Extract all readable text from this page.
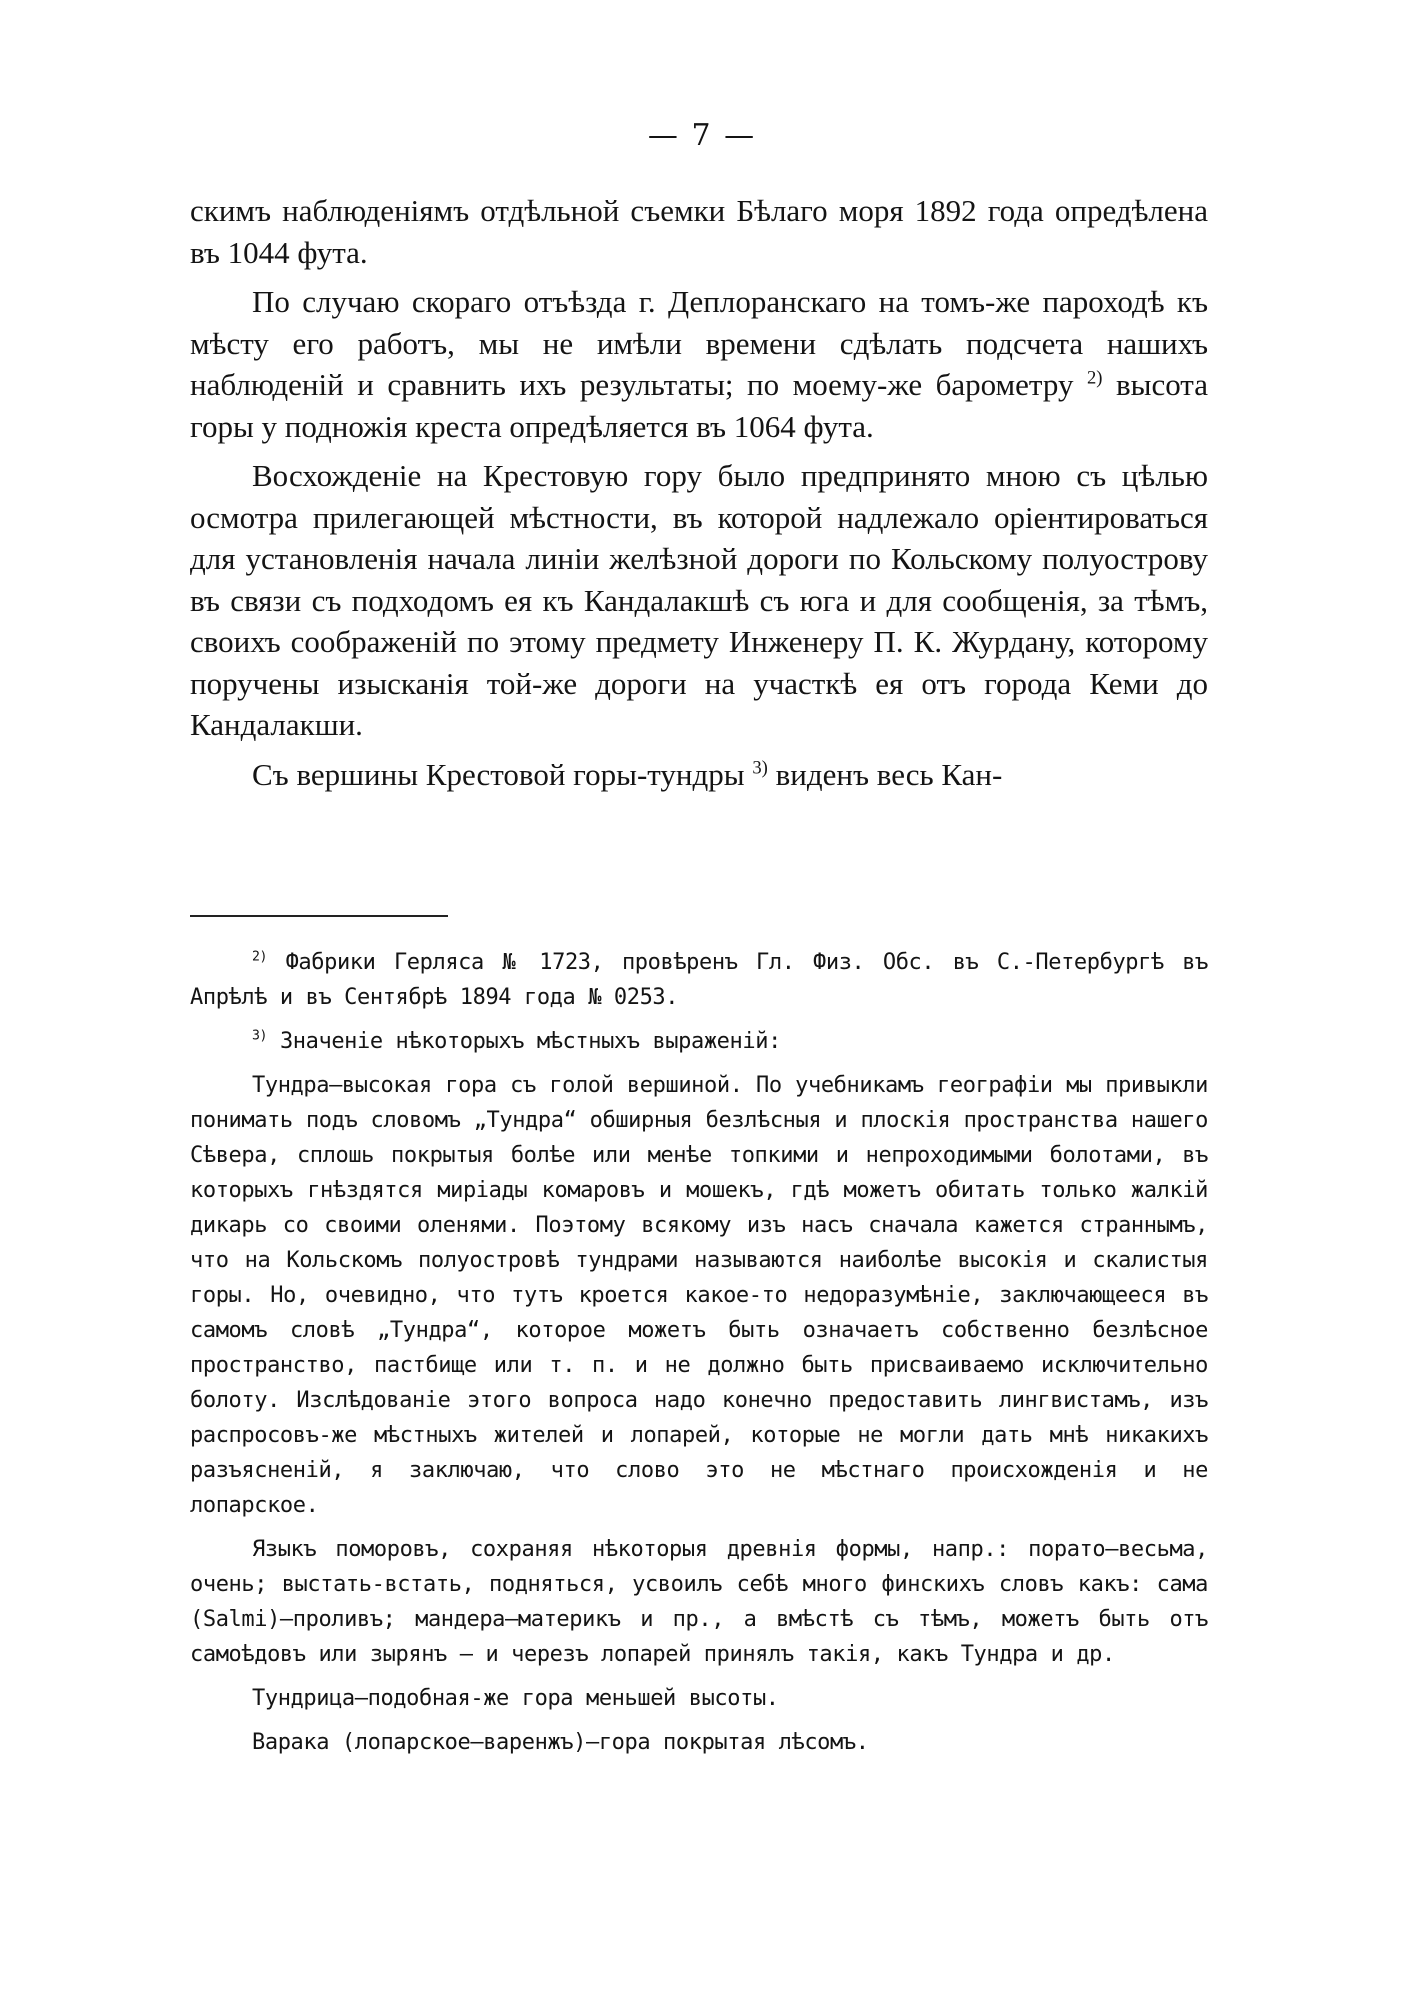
— 7 —

скимъ наблюденіямъ отдѣльной съемки Бѣлаго моря 1892 года опредѣлена въ 1044 фута.

По случаю скораго отъѣзда г. Деплоранскаго на томъ-же пароходѣ къ мѣсту его работъ, мы не имѣли времени сдѣлать подсчета нашихъ наблюденій и сравнить ихъ результаты; по моему-же барометру $^{2)}$ высота горы у подножія креста опредѣляется въ 1064 фута.

Восхожденіе на Крестовую гору было предпринято мною съ цѣлью осмотра прилегающей мѣстности, въ которой надлежало оріентироваться для установленія начала линіи желѣзной дороги по Кольскому полуострову въ связи съ подходомъ ея къ Кандалакшѣ съ юга и для сообщенія, за тѣмъ, своихъ соображеній по этому предмету Инженеру П. К. Журдану, которому поручены изысканія той-же дороги на участкѣ ея отъ города Кеми до Кандалакши.

Съ вершины Крестовой горы-тундры $^{3)}$ виденъ весь Кан-

$^{2)}$ Фабрики Герляса № 1723, провѣренъ Гл. Физ. Обс. въ С.-Петербургѣ въ Апрѣлѣ и въ Сентябрѣ 1894 года № 0253.

$^{3)}$ Значеніе нѣкоторыхъ мѣстныхъ выраженій:

Тундра—высокая гора съ голой вершиной. По учебникамъ географіи мы привыкли понимать подъ словомъ „Тундра“ обширныя безлѣсныя и плоскія пространства нашего Сѣвера, сплошь покрытыя болѣе или менѣе топкими и непроходимыми болотами, въ которыхъ гнѣздятся миріады комаровъ и мошекъ, гдѣ можетъ обитать только жалкій дикарь со своими оленями. Поэтому всякому изъ насъ сначала кажется страннымъ, что на Кольскомъ полуостровѣ тундрами называются наиболѣе высокія и скалистыя горы. Но, очевидно, что тутъ кроется какое-то недоразумѣніе, заключающееся въ самомъ словѣ „Тундра“, которое можетъ быть означаетъ собственно безлѣсное пространство, пастбище или т. п. и не должно быть присваиваемо исключительно болоту. Изслѣдованіе этого вопроса надо конечно предоставить лингвистамъ, изъ распросовъ-же мѣстныхъ жителей и лопарей, которые не могли дать мнѣ никакихъ разъясненій, я заключаю, что слово это не мѣстнаго происхожденія и не лопарское.

Языкъ поморовъ, сохраняя нѣкоторыя древнія формы, напр.: порато—весьма, очень; выстать-встать, подняться, усвоилъ себѣ много финскихъ словъ какъ: сама (Salmi)—проливъ; мандера—материкъ и пр., а вмѣстѣ съ тѣмъ, можетъ быть отъ самоѣдовъ или зырянъ — и черезъ лопарей принялъ такія, какъ Тундра и др.

Тундрица—подобная-же гора меньшей высоты.

Варака (лопарское—варенжъ)—гора покрытая лѣсомъ.
